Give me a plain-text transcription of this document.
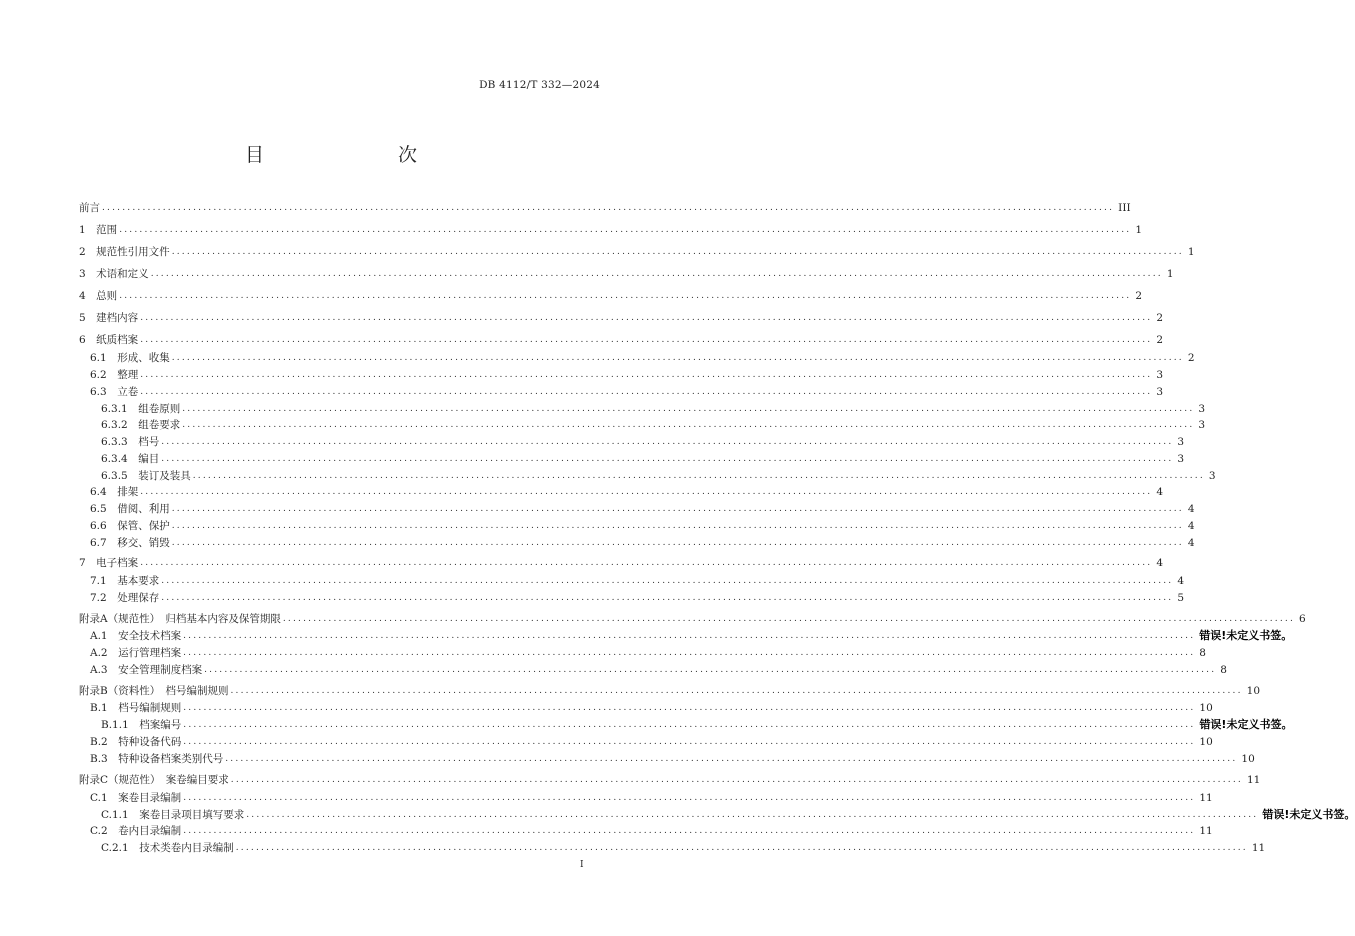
DB 4112/T 332—2024
目　　次
前言 ........................................................................................................................................................................................................ III
1　范围 ........................................................................................................................................................................................................ 1
2　规范性引用文件 ........................................................................................................................................................................................................ 1
3　术语和定义 ........................................................................................................................................................................................................ 1
4　总则 ........................................................................................................................................................................................................ 2
5　建档内容 ........................................................................................................................................................................................................ 2
6　纸质档案 ........................................................................................................................................................................................................ 2
6.1　形成、收集 ........................................................................................................................................................................................................ 2
6.2　整理 ........................................................................................................................................................................................................ 3
6.3　立卷 ........................................................................................................................................................................................................ 3
6.3.1　组卷原则 ........................................................................................................................................................................................................ 3
6.3.2　组卷要求 ........................................................................................................................................................................................................ 3
6.3.3　档号 ........................................................................................................................................................................................................ 3
6.3.4　编目 ........................................................................................................................................................................................................ 3
6.3.5　装订及装具 ........................................................................................................................................................................................................ 3
6.4　排架 ........................................................................................................................................................................................................ 4
6.5　借阅、利用 ........................................................................................................................................................................................................ 4
6.6　保管、保护 ........................................................................................................................................................................................................ 4
6.7　移交、销毁 ........................................................................................................................................................................................................ 4
7　电子档案 ........................................................................................................................................................................................................ 4
7.1　基本要求 ........................................................................................................................................................................................................ 4
7.2　处理保存 ........................................................................................................................................................................................................ 5
附录A（规范性）　归档基本内容及保管期限 ........................................................................................................................................................................................................ 6
A.1　安全技术档案 ........................................................................................................................................................................................................ 错误!未定义书签。
A.2　运行管理档案 ........................................................................................................................................................................................................ 8
A.3　安全管理制度档案 ........................................................................................................................................................................................................ 8
附录B（资料性）　档号编制规则 ........................................................................................................................................................................................................ 10
B.1　档号编制规则 ........................................................................................................................................................................................................ 10
B.1.1　档案编号 ........................................................................................................................................................................................................ 错误!未定义书签。
B.2　特种设备代码 ........................................................................................................................................................................................................ 10
B.3　特种设备档案类别代号 ........................................................................................................................................................................................................ 10
附录C（规范性）　案卷编目要求 ........................................................................................................................................................................................................ 11
C.1　案卷目录编制 ........................................................................................................................................................................................................ 11
C.1.1　案卷目录项目填写要求 ........................................................................................................................................................................................................ 错误!未定义书签。
C.2　卷内目录编制 ........................................................................................................................................................................................................ 11
C.2.1　技术类卷内目录编制 ........................................................................................................................................................................................................ 11
I
